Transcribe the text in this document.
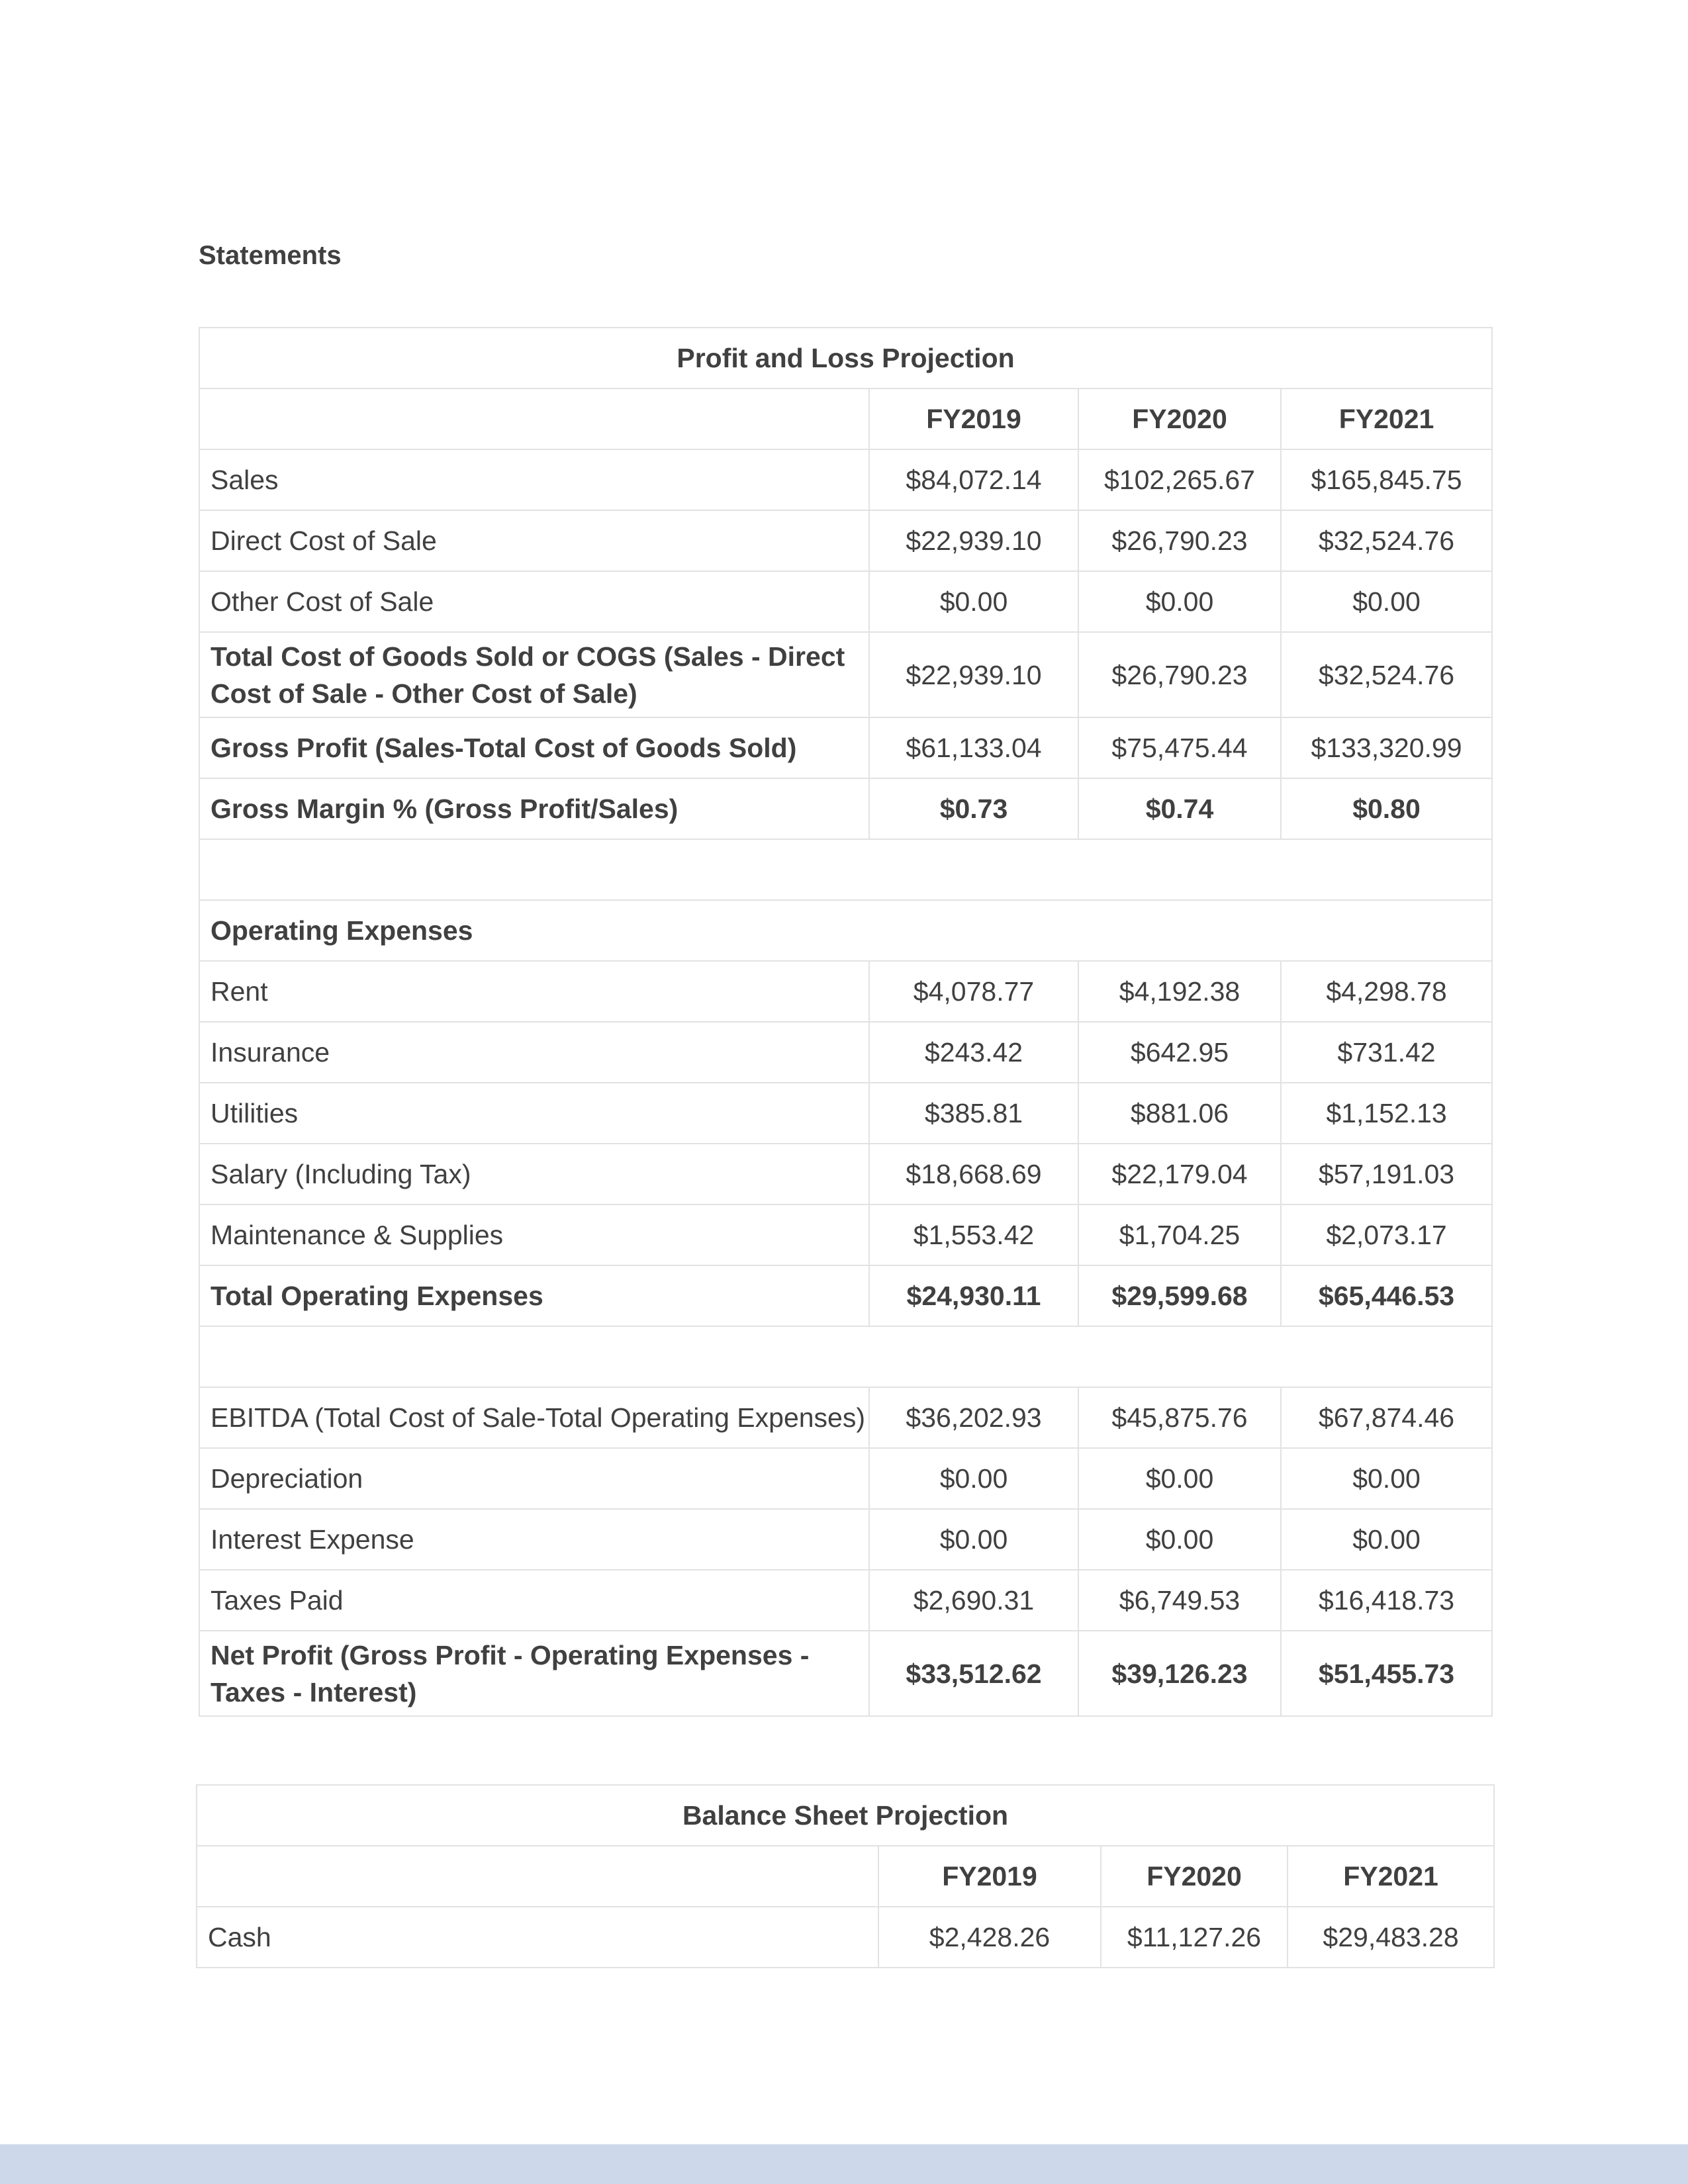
Statements
Profit and Loss Projection			
	FY2019	FY2020	FY2021
Sales	$84,072.14	$102,265.67	$165,845.75
Direct Cost of Sale	$22,939.10	$26,790.23	$32,524.76
Other Cost of Sale	$0.00	$0.00	$0.00
Total Cost of Goods Sold or COGS (Sales - Direct Cost of Sale - Other Cost of Sale)	$22,939.10	$26,790.23	$32,524.76
Gross Profit (Sales-Total Cost of Goods Sold)	$61,133.04	$75,475.44	$133,320.99
Gross Margin % (Gross Profit/Sales)	$0.73	$0.74	$0.80

Operating Expenses			
Rent	$4,078.77	$4,192.38	$4,298.78
Insurance	$243.42	$642.95	$731.42
Utilities	$385.81	$881.06	$1,152.13
Salary (Including Tax)	$18,668.69	$22,179.04	$57,191.03
Maintenance & Supplies	$1,553.42	$1,704.25	$2,073.17
Total Operating Expenses	$24,930.11	$29,599.68	$65,446.53

EBITDA (Total Cost of Sale-Total Operating Expenses)	$36,202.93	$45,875.76	$67,874.46
Depreciation	$0.00	$0.00	$0.00
Interest Expense	$0.00	$0.00	$0.00
Taxes Paid	$2,690.31	$6,749.53	$16,418.73
Net Profit (Gross Profit - Operating Expenses - Taxes - Interest)	$33,512.62	$39,126.23	$51,455.73
Balance Sheet Projection			
	FY2019	FY2020	FY2021
Cash	$2,428.26	$11,127.26	$29,483.28
